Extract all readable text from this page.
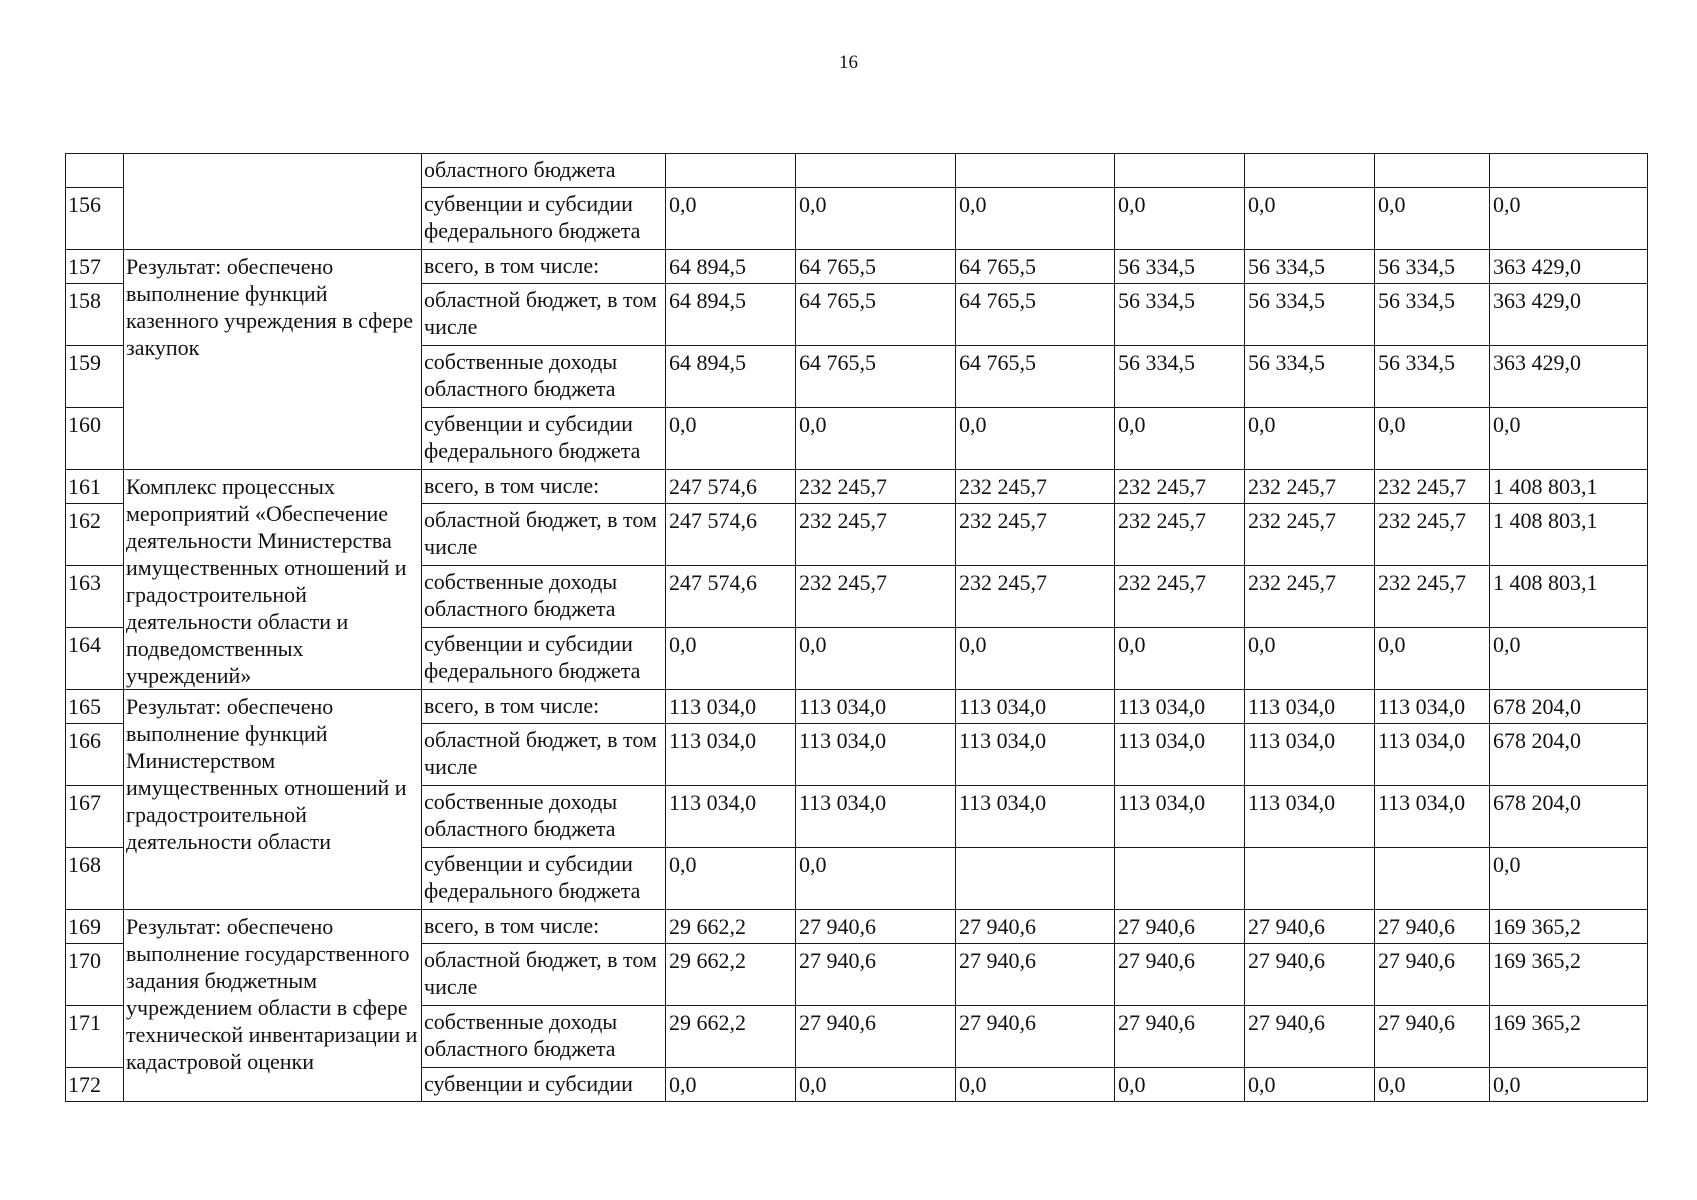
16
		областного бюджета							
156		субвенции и субсидии федерального бюджета	0,0	0,0	0,0	0,0	0,0	0,0	0,0
157	Результат: обеспечено выполнение функций казенного учреждения в сфере закупок	всего, в том числе:	64 894,5	64 765,5	64 765,5	56 334,5	56 334,5	56 334,5	363 429,0
158		областной бюджет, в том числе	64 894,5	64 765,5	64 765,5	56 334,5	56 334,5	56 334,5	363 429,0
159		собственные доходы областного бюджета	64 894,5	64 765,5	64 765,5	56 334,5	56 334,5	56 334,5	363 429,0
160		субвенции и субсидии федерального бюджета	0,0	0,0	0,0	0,0	0,0	0,0	0,0
161	Комплекс процессных мероприятий «Обеспечение деятельности Министерства имущественных отношений и градостроительной деятельности области и подведомственных учреждений»	всего, в том числе:	247 574,6	232 245,7	232 245,7	232 245,7	232 245,7	232 245,7	1 408 803,1
162		областной бюджет, в том числе	247 574,6	232 245,7	232 245,7	232 245,7	232 245,7	232 245,7	1 408 803,1
163		собственные доходы областного бюджета	247 574,6	232 245,7	232 245,7	232 245,7	232 245,7	232 245,7	1 408 803,1
164		субвенции и субсидии федерального бюджета	0,0	0,0	0,0	0,0	0,0	0,0	0,0
165	Результат: обеспечено выполнение функций Министерством имущественных отношений и градостроительной деятельности области	всего, в том числе:	113 034,0	113 034,0	113 034,0	113 034,0	113 034,0	113 034,0	678 204,0
166		областной бюджет, в том числе	113 034,0	113 034,0	113 034,0	113 034,0	113 034,0	113 034,0	678 204,0
167		собственные доходы областного бюджета	113 034,0	113 034,0	113 034,0	113 034,0	113 034,0	113 034,0	678 204,0
168		субвенции и субсидии федерального бюджета	0,0	0,0					0,0
169	Результат: обеспечено выполнение государственного задания бюджетным учреждением области в сфере технической инвентаризации и кадастровой оценки	всего, в том числе:	29 662,2	27 940,6	27 940,6	27 940,6	27 940,6	27 940,6	169 365,2
170		областной бюджет, в том числе	29 662,2	27 940,6	27 940,6	27 940,6	27 940,6	27 940,6	169 365,2
171		собственные доходы областного бюджета	29 662,2	27 940,6	27 940,6	27 940,6	27 940,6	27 940,6	169 365,2
172		субвенции и субсидии	0,0	0,0	0,0	0,0	0,0	0,0	0,0
